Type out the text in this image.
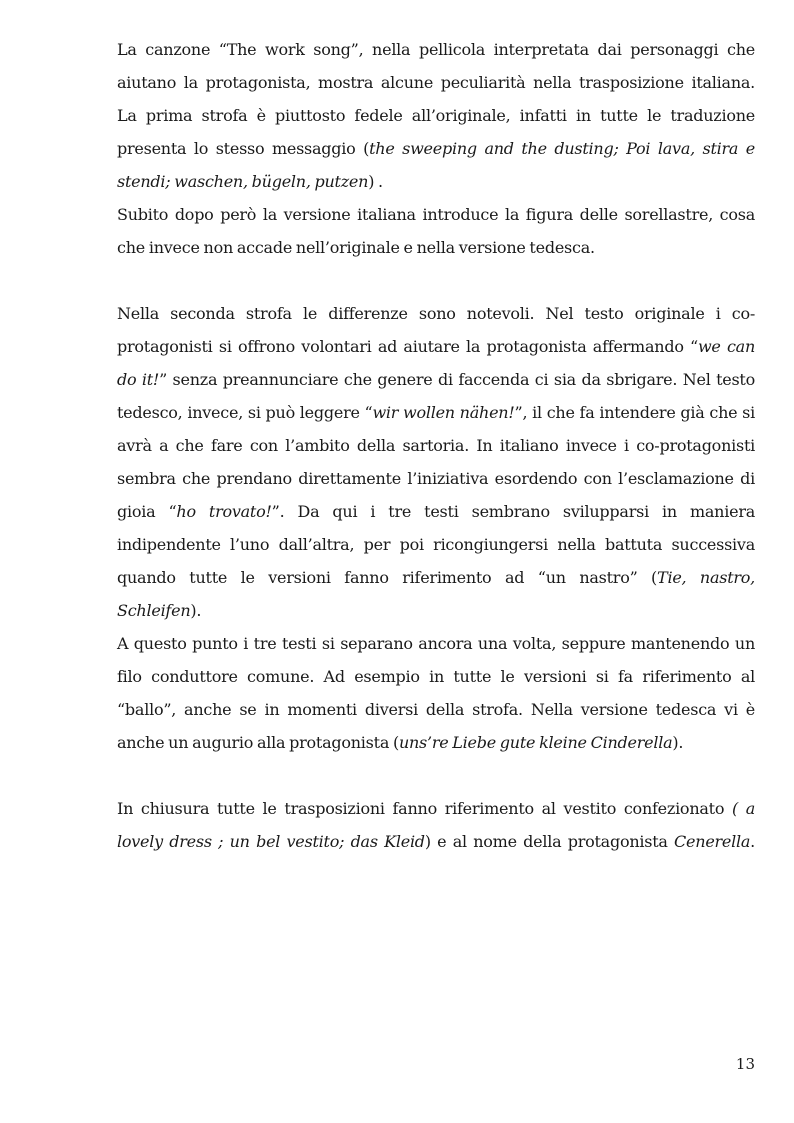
La canzone “The work song”, nella pellicola interpretata dai personaggi che
aiutano la protagonista, mostra alcune peculiarità nella trasposizione italiana.
La prima strofa è piuttosto fedele all’originale, infatti in tutte le traduzione
presenta lo stesso messaggio (the sweeping and the dusting; Poi lava, stira e
stendi; waschen, bügeln, putzen) .
Subito dopo però la versione italiana introduce la figura delle sorellastre, cosa
che invece non accade nell’originale e nella versione tedesca.
Nella seconda strofa le differenze sono notevoli. Nel testo originale i co-
protagonisti si offrono volontari ad aiutare la protagonista affermando “we can
do it!” senza preannunciare che genere di faccenda ci sia da sbrigare. Nel testo
tedesco, invece, si può leggere “wir wollen nähen!”, il che fa intendere già che si
avrà a che fare con l’ambito della sartoria. In italiano invece i co-protagonisti
sembra che prendano direttamente l’iniziativa esordendo con l’esclamazione di
gioia “ho trovato!”. Da qui i tre testi sembrano svilupparsi in maniera
indipendente l’uno dall’altra, per poi ricongiungersi nella battuta successiva
quando tutte le versioni fanno riferimento ad “un nastro” (Tie, nastro,
Schleifen).
A questo punto i tre testi si separano ancora una volta, seppure mantenendo un
filo conduttore comune. Ad esempio in tutte le versioni si fa riferimento al
“ballo”, anche se in momenti diversi della strofa. Nella versione tedesca vi è
anche un augurio alla protagonista (uns’re Liebe gute kleine Cinderella).
In chiusura tutte le trasposizioni fanno riferimento al vestito confezionato ( a
lovely dress ; un bel vestito; das Kleid) e al nome della protagonista Cenerella.
13
